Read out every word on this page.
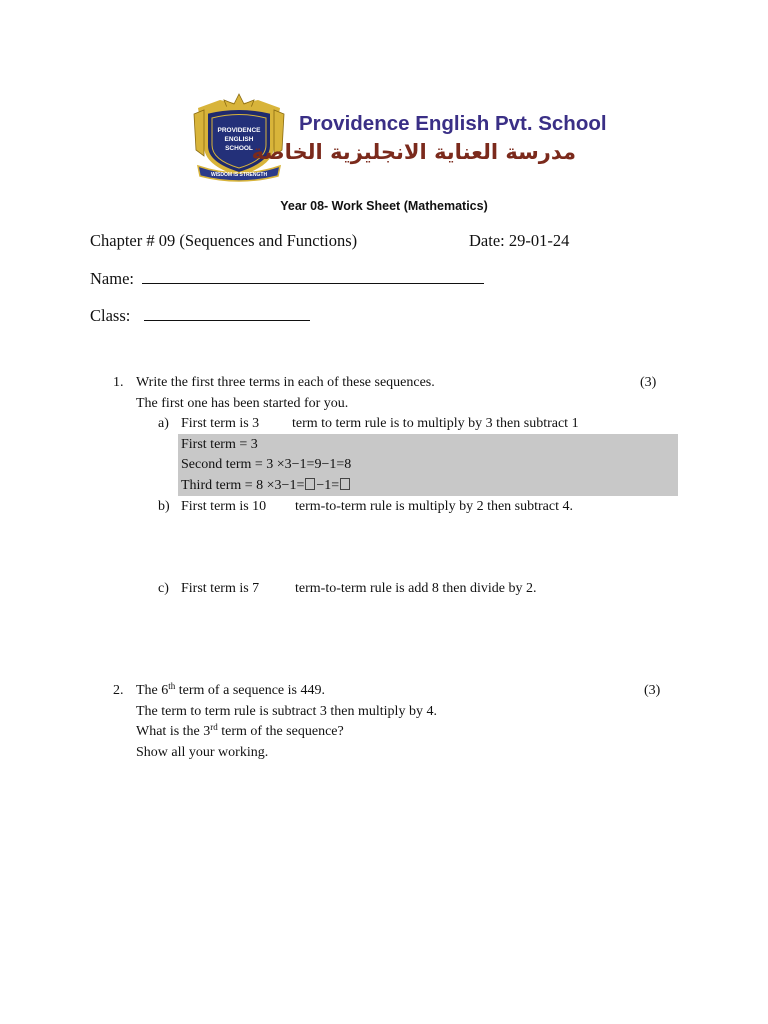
PROVIDENCE
ENGLISH
SCHOOL
WISDOM IS STRENGTH
Providence English Pvt. School
مدرسة العناية الانجليزية الخاصة
Year 08- Work Sheet (Mathematics)
Chapter # 09 (Sequences and Functions)	Date: 29-01-24
Name:
Class:
1. Write the first three terms in each of these sequences.	(3)
The first one has been started for you.
a) First term is 3 term to term rule is to multiply by 3 then subtract 1
First term = 3
Second term = 3 ×3−1=9−1=8
Third term = 8 ×3−1= −1=
b) First term is 10 term-to-term rule is multiply by 2 then subtract 4.
c) First term is 7	term-to-term rule is add 8 then divide by 2.
2. The 6th term of a sequence is 449.	(3)
The term to term rule is subtract 3 then multiply by 4.
What is the 3rd term of the sequence?
Show all your working.
